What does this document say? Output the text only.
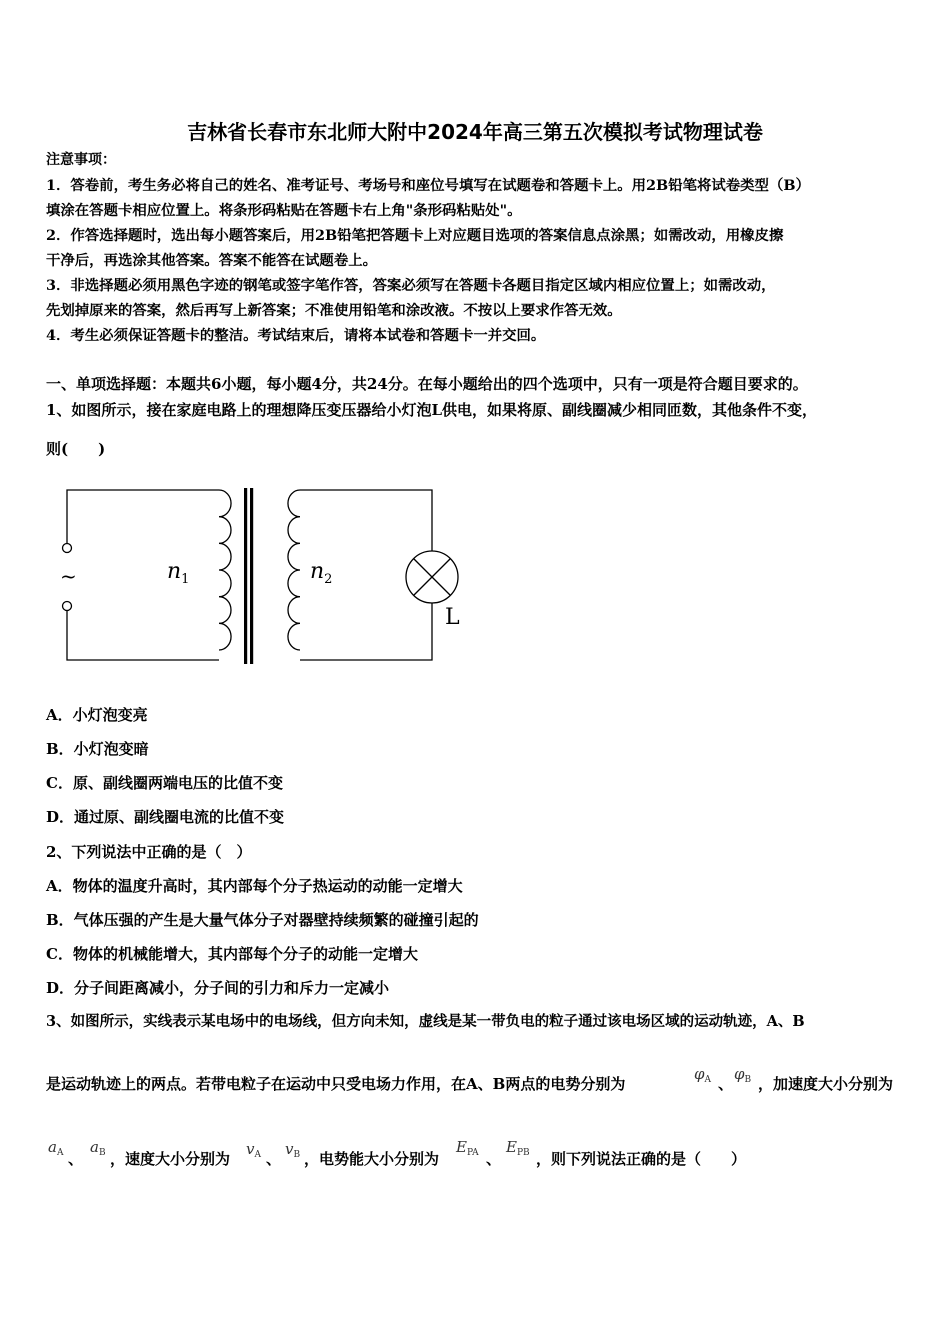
吉林省长春市东北师大附中2024年高三第五次模拟考试物理试卷
注意事项：
1．答卷前，考生务必将自己的姓名、准考证号、考场号和座位号填写在试题卷和答题卡上。用2B铅笔将试卷类型（B）
填涂在答题卡相应位置上。将条形码粘贴在答题卡右上角"条形码粘贴处"。
2．作答选择题时，选出每小题答案后，用2B铅笔把答题卡上对应题目选项的答案信息点涂黑；如需改动，用橡皮擦
干净后，再选涂其他答案。答案不能答在试题卷上。
3．非选择题必须用黑色字迹的钢笔或签字笔作答，答案必须写在答题卡各题目指定区域内相应位置上；如需改动，
先划掉原来的答案，然后再写上新答案；不准使用铅笔和涂改液。不按以上要求作答无效。
4．考生必须保证答题卡的整洁。考试结束后，请将本试卷和答题卡一并交回。
一、单项选择题：本题共6小题，每小题4分，共24分。在每小题给出的四个选项中，只有一项是符合题目要求的。
1、如图所示，接在家庭电路上的理想降压变压器给小灯泡L供电，如果将原、副线圈减少相同匝数，其他条件不变，
则(　　)
~	$n_1$	$n_2$
L
A．小灯泡变亮
B．小灯泡变暗
C．原、副线圈两端电压的比值不变
D．通过原、副线圈电流的比值不变
2、下列说法中正确的是（　）
A．物体的温度升高时，其内部每个分子热运动的动能一定增大
B．气体压强的产生是大量气体分子对器壁持续频繁的碰撞引起的
C．物体的机械能增大，其内部每个分子的动能一定增大
D．分子间距离减小，分子间的引力和斥力一定减小
3、如图所示，实线表示某电场中的电场线，但方向未知，虚线是某一带负电的粒子通过该电场区域的运动轨迹，A、B
是运动轨迹上的两点。若带电粒子在运动中只受电场力作用，在A、B两点的电势分别为
$\varphi_A$ 、
$\varphi_B$ ，加速度大小分别为
$a_A$ 、
$a_B$ ，速度大小分别为
$v_A$ 、
$v_B$ ，电势能大小分别为
$E_{PA}$ 、
$E_{PB}$ ，则下列说法正确的是（　　）
